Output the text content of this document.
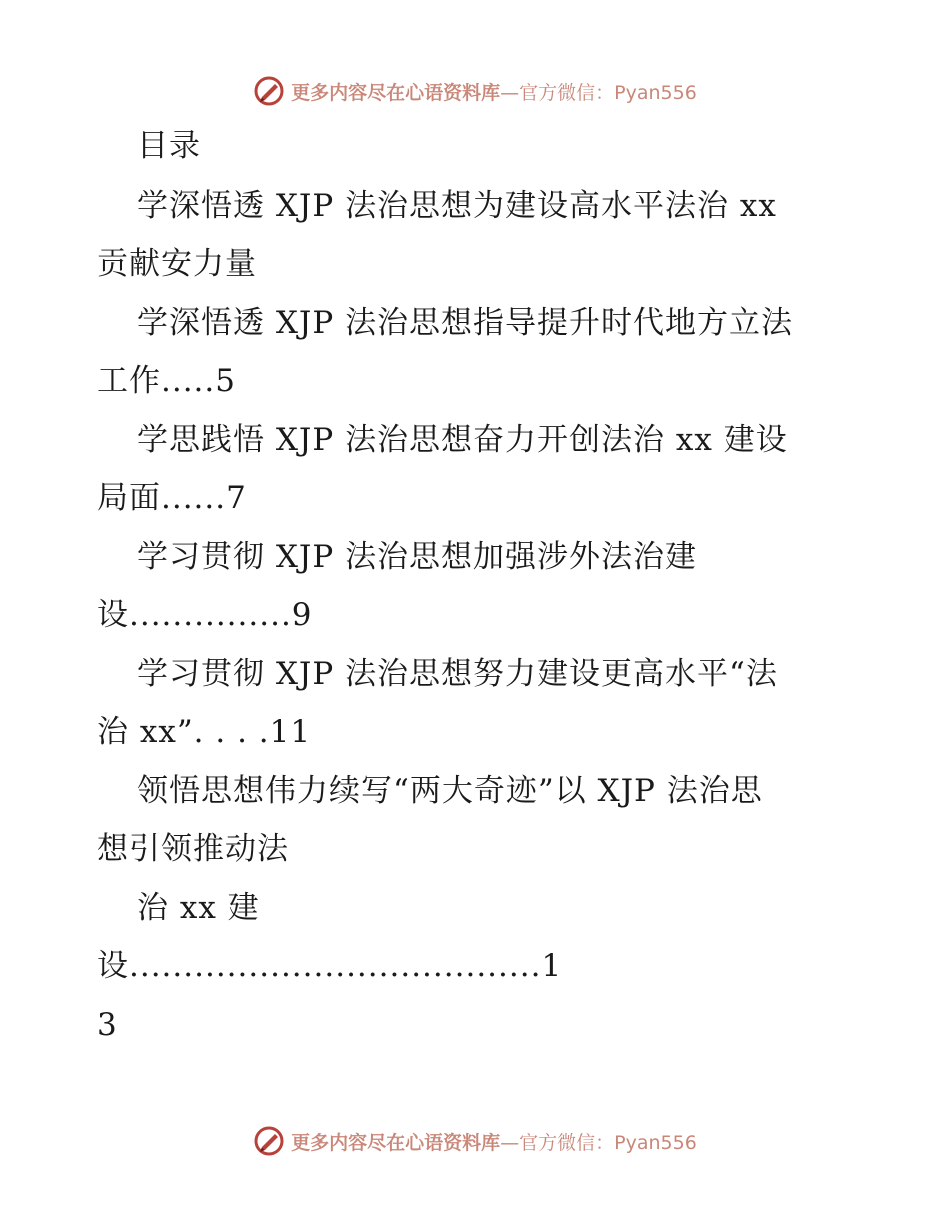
更多内容尽在心语资料库—官方微信：Pyan556
目录
学深悟透 XJP 法治思想为建设高水平法治 xx
贡献安力量
学深悟透 XJP 法治思想指导提升时代地方立法
工作.....5
学思践悟 XJP 法治思想奋力开创法治 xx 建设
局面......7
学习贯彻 XJP 法治思想加强涉外法治建
设...............9
学习贯彻 XJP 法治思想努力建设更高水平“法
治 xx”. . . .11
领悟思想伟力续写“两大奇迹”以 XJP 法治思
想引领推动法
治 xx 建
设......................................1
3
更多内容尽在心语资料库—官方微信：Pyan556
